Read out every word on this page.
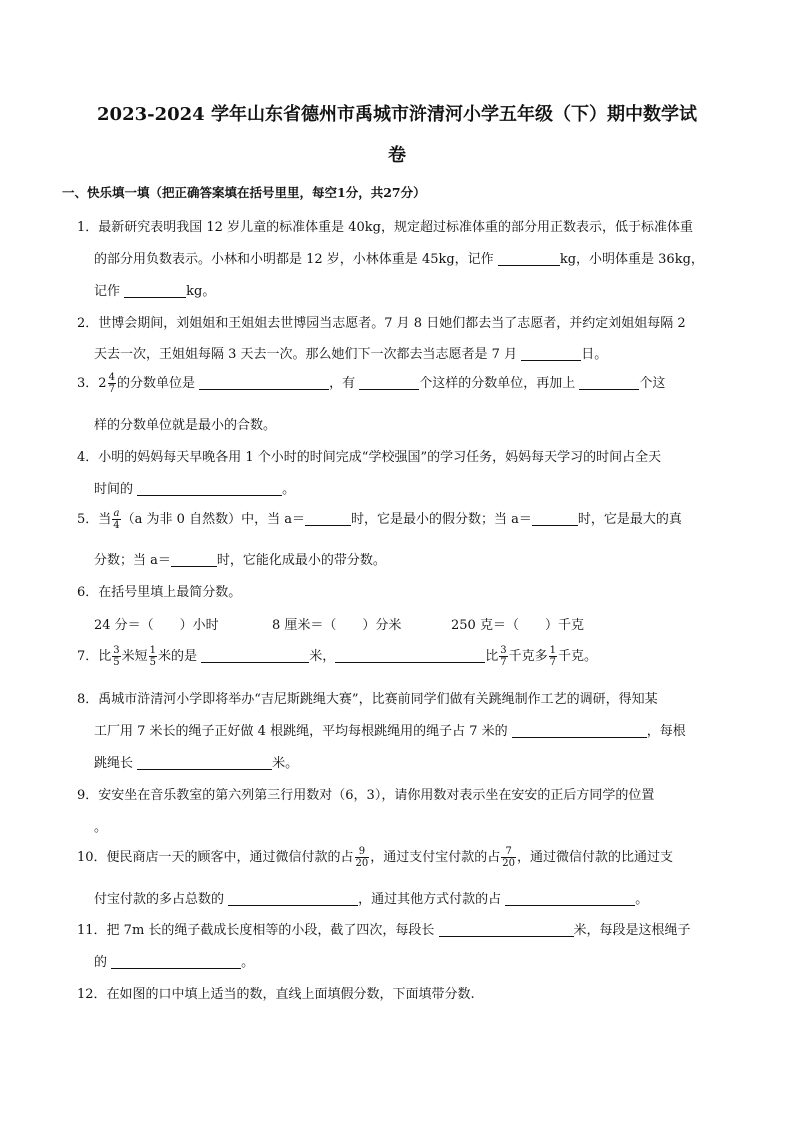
2023-2024 学年山东省德州市禹城市浒清河小学五年级（下）期中数学试
卷
一、快乐填一填（把正确答案填在括号里里，每空1分，共27分）
1．最新研究表明我国 12 岁儿童的标准体重是 40kg，规定超过标准体重的部分用正数表示，低于标准体重
的部分用负数表示。小林和小明都是 12 岁，小林体重是 45kg，记作	kg，小明体重是 36kg，
记作	kg。
2．世博会期间，刘姐姐和王姐姐去世博园当志愿者。7 月 8 日她们都去当了志愿者，并约定刘姐姐每隔 2
天去一次，王姐姐每隔 3 天去一次。那么她们下一次都去当志愿者是 7 月	日。
3．$2 \frac{4}{7}$ 的分数单位是	，有	个这样的分数单位，再加上	个这
样的分数单位就是最小的合数。
4．小明的妈妈每天早晚各用 1 个小时的时间完成“学校强国”的学习任务，妈妈每天学习的时间占全天
时间的	。
5．当 $\frac{a}{4} (a$ 为非 0 自然数）中，当 a＝	时，它是最小的假分数；当 a＝	时，它是最大的真
分数；当 a＝	时，它能化成最小的带分数。
6．在括号里填上最简分数。
24 分＝（　　）小时	8 厘米＝（　　）分米	250 克＝（　　）千克
7．比 $\frac{3}{5}$ 米短 $\frac{1}{5}$ 米的是	米，	比 $\frac{3}{7}$ 千克多 $\frac{1}{7}$ 千克。
8．禹城市浒清河小学即将举办“吉尼斯跳绳大赛”，比赛前同学们做有关跳绳制作工艺的调研，得知某
工厂用 7 米长的绳子正好做 4 根跳绳，平均每根跳绳用的绳子占 7 米的	，每根
跳绳长	米。
9．安安坐在音乐教室的第六列第三行用数对（6，3），请你用数对表示坐在安安的正后方同学的位置
。
10．便民商店一天的顾客中，通过微信付款的占 $\frac{9}{20}$ ，通过支付宝付款的占 $\frac{7}{20}$ ，通过微信付款的比通过支
付宝付款的多占总数的	，通过其他方式付款的占	。
11．把 7m 长的绳子截成长度相等的小段，截了四次，每段长	米，每段是这根绳子
的	。
12．在如图的口中填上适当的数，直线上面填假分数，下面填带分数.
